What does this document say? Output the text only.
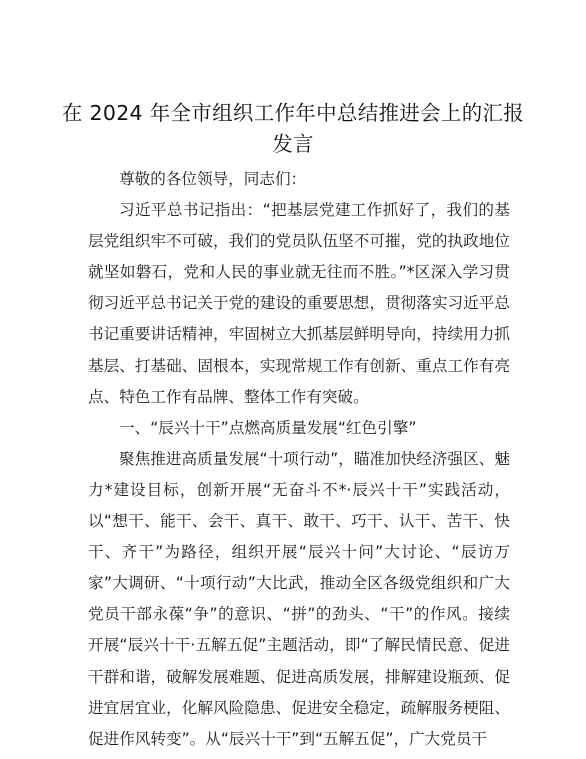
在 2024 年全市组织工作年中总结推进会上的汇报发言

尊敬的各位领导，同志们：

习近平总书记指出：“把基层党建工作抓好了，我们的基层党组织牢不可破，我们的党员队伍坚不可摧，党的执政地位就坚如磐石，党和人民的事业就无往而不胜。”*区深入学习贯彻习近平总书记关于党的建设的重要思想，贯彻落实习近平总书记重要讲话精神，牢固树立大抓基层鲜明导向，持续用力抓基层、打基础、固根本，实现常规工作有创新、重点工作有亮点、特色工作有品牌、整体工作有突破。

一、“辰兴十干”点燃高质量发展“红色引擎”

聚焦推进高质量发展“十项行动”，瞄准加快经济强区、魅力*建设目标，创新开展“无奋斗不*·辰兴十干”实践活动，以“想干、能干、会干、真干、敢干、巧干、认干、苦干、快干、齐干”为路径，组织开展“辰兴十问”大讨论、“辰访万家”大调研、“十项行动”大比武，推动全区各级党组织和广大党员干部永葆“争”的意识、“拼”的劲头、“干”的作风。接续开展“辰兴十干·五解五促”主题活动，即“了解民情民意、促进干群和谐，破解发展难题、促进高质发展，排解建设瓶颈、促进宜居宜业，化解风险隐患、促进安全稳定，疏解服务梗阻、促进作风转变”。从“辰兴十干”到“五解五促”，广大党员干
